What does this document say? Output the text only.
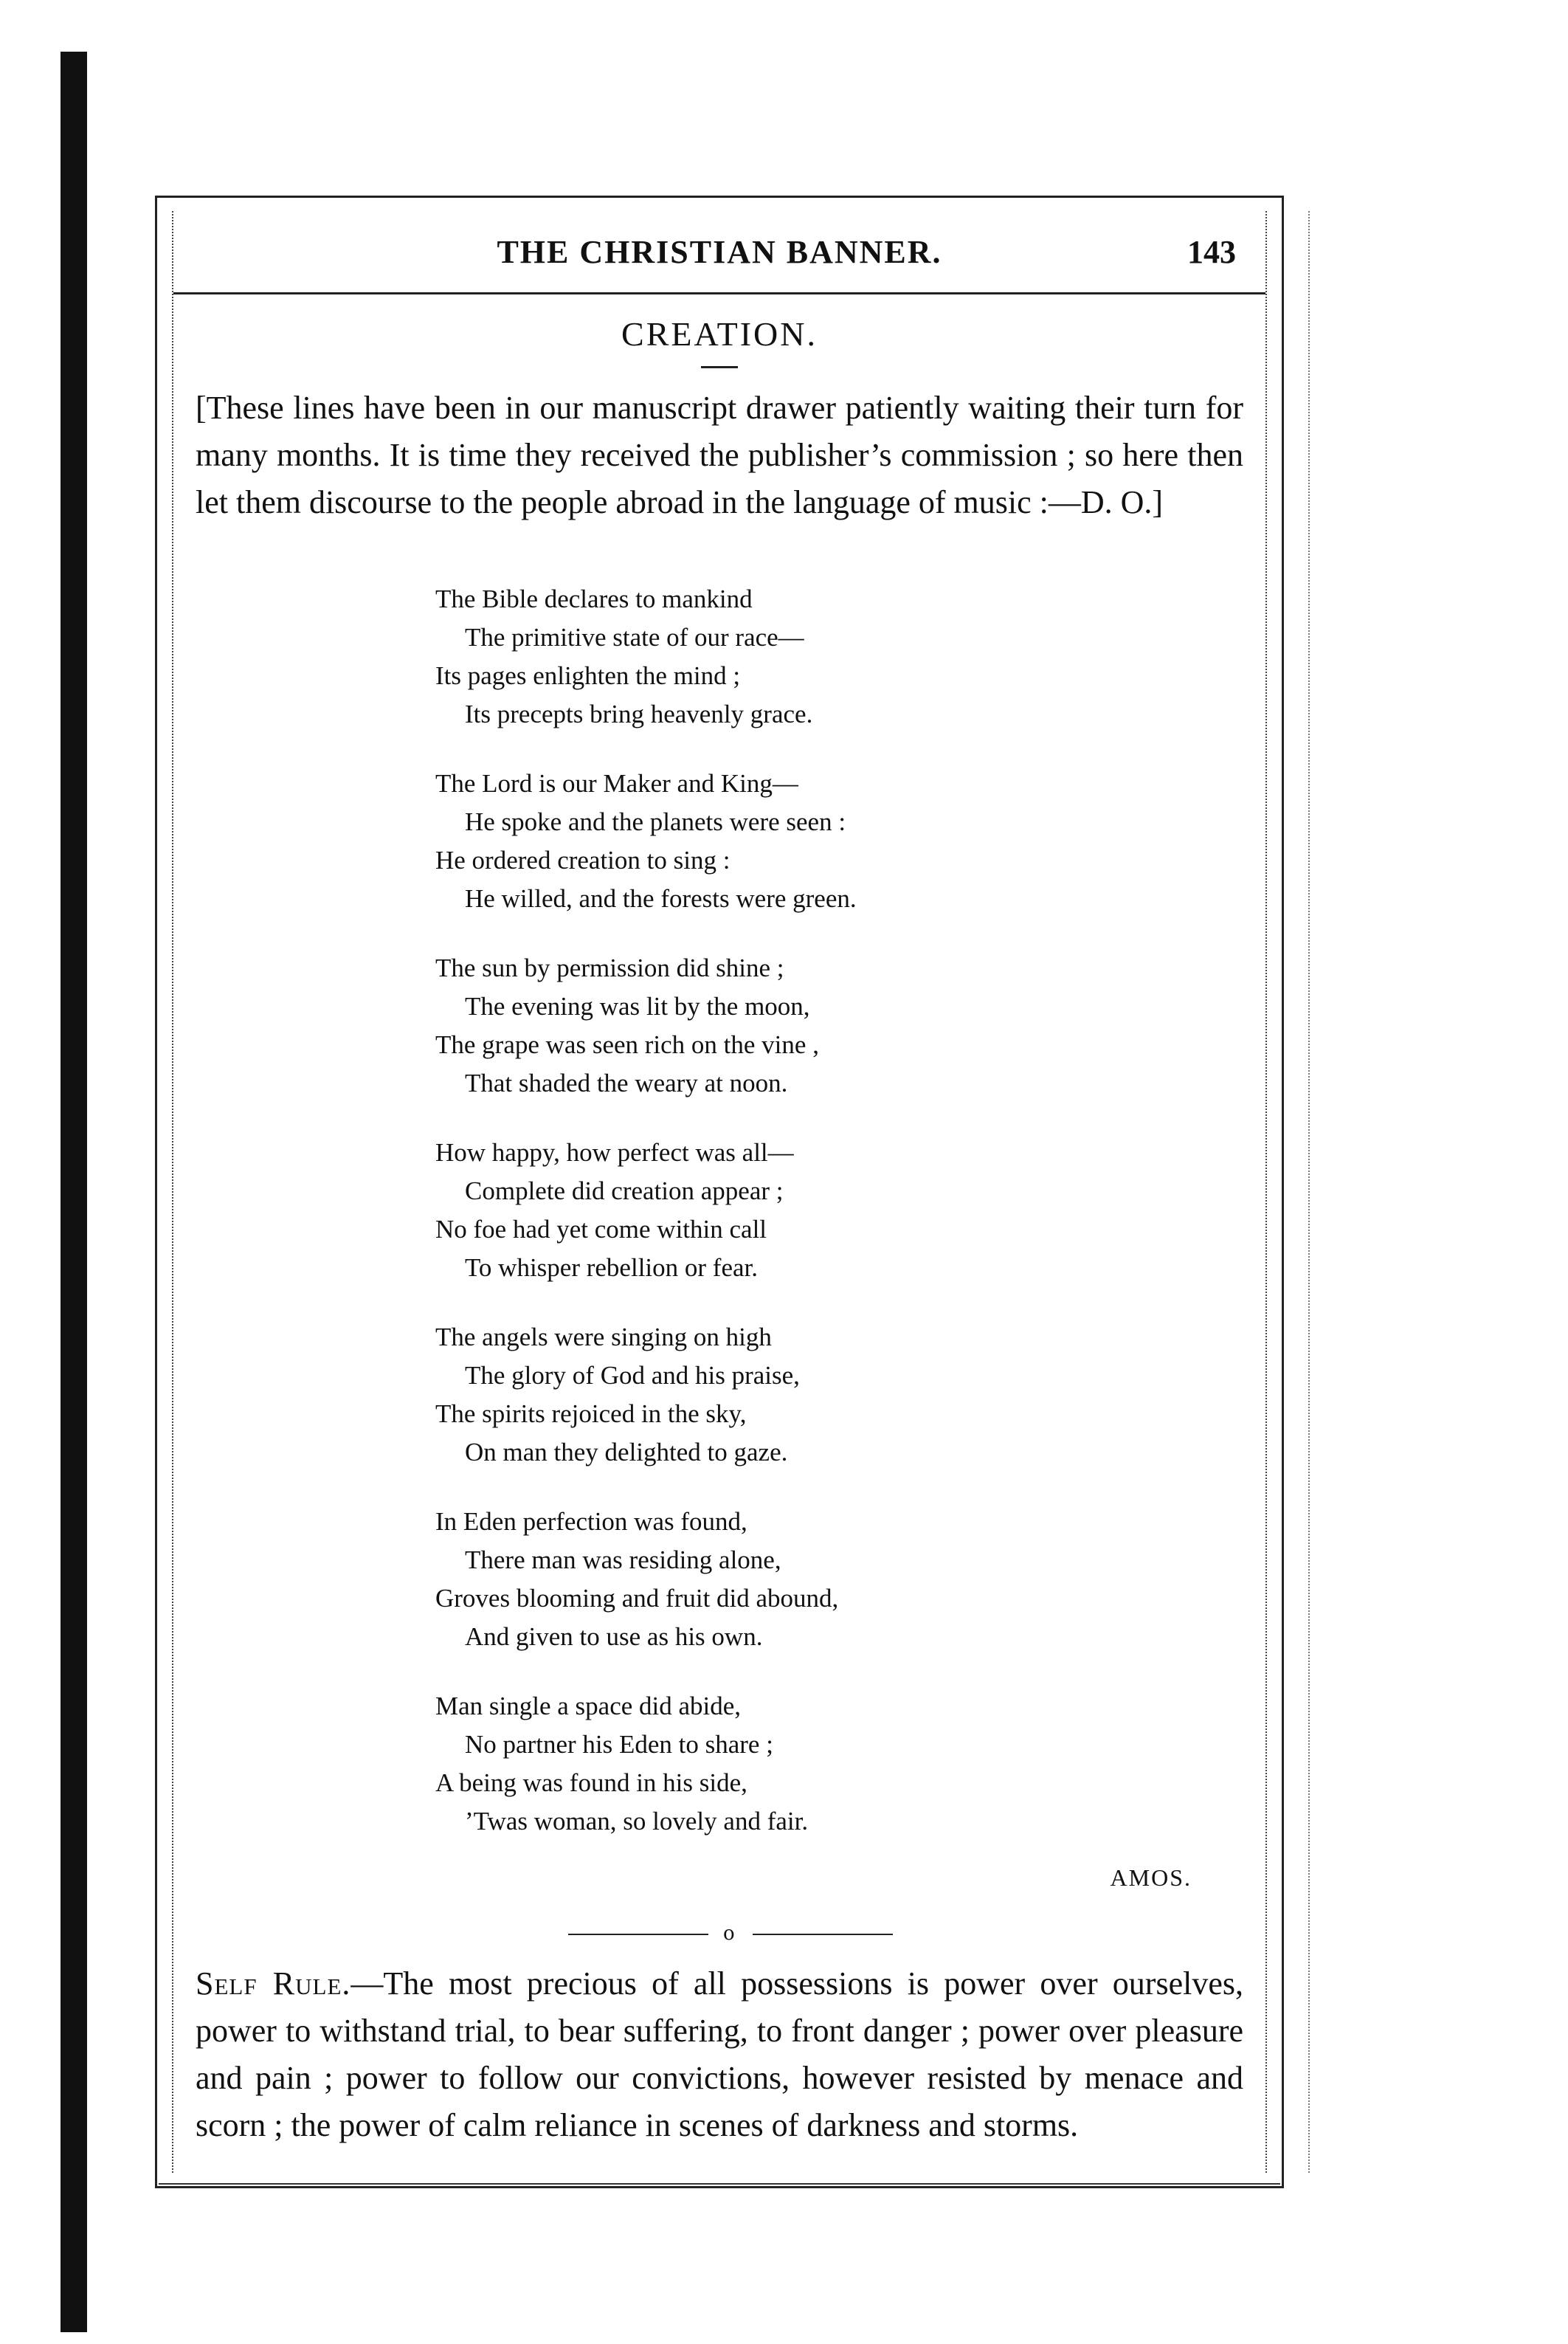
THE CHRISTIAN BANNER.	143
CREATION.
[These lines have been in our manuscript drawer patiently waiting their turn for many months. It is time they received the publisher’s commission ; so here then let them discourse to the people abroad in the language of music :—D. O.]
The Bible declares to mankind
The primitive state of our race—
Its pages enlighten the mind ;
Its precepts bring heavenly grace.
The Lord is our Maker and King—
He spoke and the planets were seen :
He ordered creation to sing :
He willed, and the forests were green.
The sun by permission did shine ;
The evening was lit by the moon,
The grape was seen rich on the vine ,
That shaded the weary at noon.
How happy, how perfect was all—
Complete did creation appear ;
No foe had yet come within call
To whisper rebellion or fear.
The angels were singing on high
The glory of God and his praise,
The spirits rejoiced in the sky,
On man they delighted to gaze.
In Eden perfection was found,
There man was residing alone,
Groves blooming and fruit did abound,
And given to use as his own.
Man single a space did abide,
No partner his Eden to share ;
A being was found in his side,
’Twas woman, so lovely and fair.
AMOS.
o
Self Rule.—The most precious of all possessions is power over ourselves, power to withstand trial, to bear suffering, to front danger ; power over pleasure and pain ; power to follow our convictions, however resisted by menace and scorn ; the power of calm reliance in scenes of darkness and storms.
